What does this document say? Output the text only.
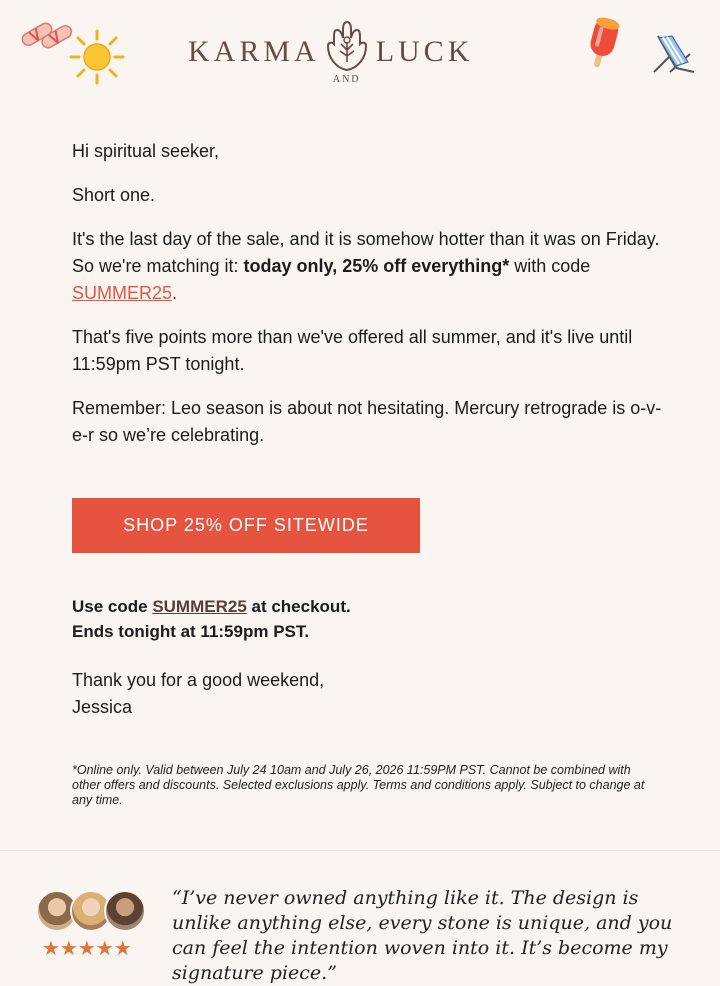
KARMA
AND
LUCK

Hi spiritual seeker,

Short one.

It's the last day of the sale, and it is somehow hotter than it was on Friday. So we're matching it: today only, 25% off everything* with code SUMMER25.

That's five points more than we've offered all summer, and it's live until 11:59pm PST tonight.

Remember: Leo season is about not hesitating. Mercury retrograde is o-v-e-r so we’re celebrating.

SHOP 25% OFF SITEWIDE
Use code SUMMER25 at checkout.
Ends tonight at 11:59pm PST.
Thank you for a good weekend,
Jessica
*Online only. Valid between July 24 10am and July 26, 2026 11:59PM PST. Cannot be combined with other offers and discounts. Selected exclusions apply. Terms and conditions apply. Subject to change at any time.
★★★★★
“I’ve never owned anything like it. The design is unlike anything else, every stone is unique, and you can feel the intention woven into it. It’s become my signature piece.”
